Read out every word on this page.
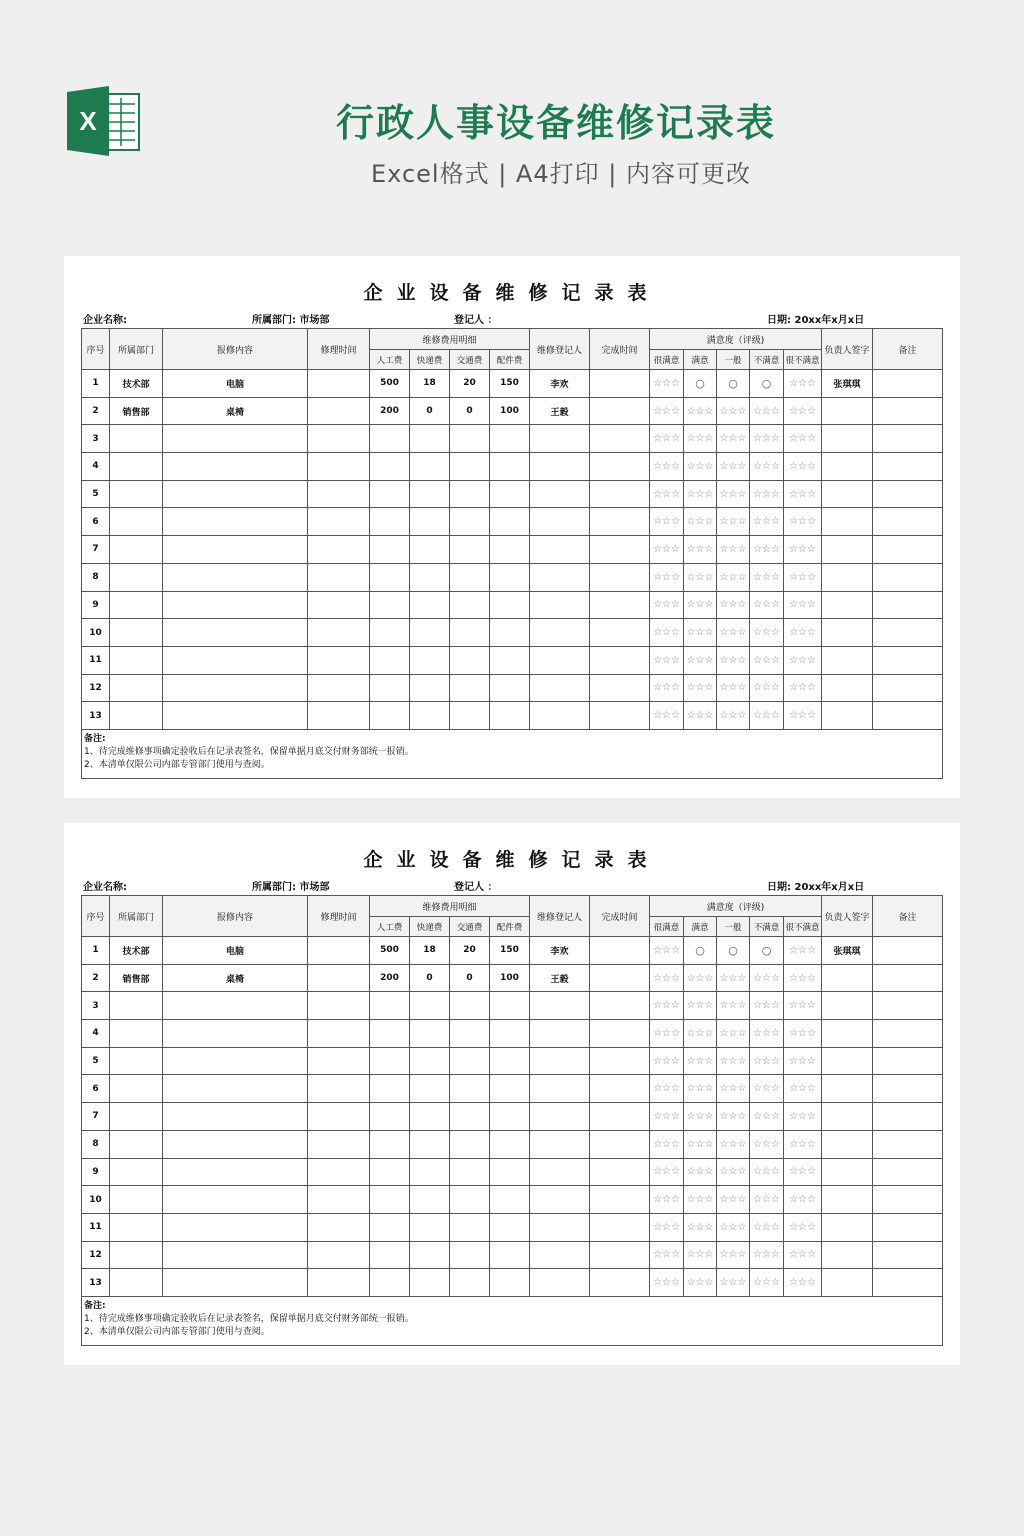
X	行政人事设备维修记录表
Excel格式 | A4打印 | 内容可更改
企业设备维修记录表
企业名称:	所属部门: 市场部	登记人 ：	日期: 20xx年x月x日
序号	所属部门	报修内容	修理时间	维修费用明细				维修登记人	完成时间	满意度（评级)					负责人签字	备注
				人工费	快递费	交通费	配件费			很满意	满意	一般	不满意	很不满意		
1	技术部	电脑		500	18	20	150	李欢		☆☆☆	○	○	○	☆☆☆	张琪琪	
2	销售部	桌椅		200	0	0	100	王毅		☆☆☆	☆☆☆	☆☆☆	☆☆☆	☆☆☆		
3										☆☆☆	☆☆☆	☆☆☆	☆☆☆	☆☆☆		
4										☆☆☆	☆☆☆	☆☆☆	☆☆☆	☆☆☆		
5										☆☆☆	☆☆☆	☆☆☆	☆☆☆	☆☆☆		
6										☆☆☆	☆☆☆	☆☆☆	☆☆☆	☆☆☆		
7										☆☆☆	☆☆☆	☆☆☆	☆☆☆	☆☆☆		
8										☆☆☆	☆☆☆	☆☆☆	☆☆☆	☆☆☆		
9										☆☆☆	☆☆☆	☆☆☆	☆☆☆	☆☆☆		
10										☆☆☆	☆☆☆	☆☆☆	☆☆☆	☆☆☆		
11										☆☆☆	☆☆☆	☆☆☆	☆☆☆	☆☆☆		
12										☆☆☆	☆☆☆	☆☆☆	☆☆☆	☆☆☆		
13										☆☆☆	☆☆☆	☆☆☆	☆☆☆	☆☆☆		

备注:
1、待完成维修事项确定验收后在记录表签名，保留单据月底交付财务部统一报销。
2、本清单仅限公司内部专管部门使用与查阅。																
企业设备维修记录表
企业名称:	所属部门: 市场部	登记人 ：	日期: 20xx年x月x日
序号	所属部门	报修内容	修理时间	维修费用明细				维修登记人	完成时间	满意度（评级)					负责人签字	备注
				人工费	快递费	交通费	配件费			很满意	满意	一般	不满意	很不满意		
1	技术部	电脑		500	18	20	150	李欢		☆☆☆	○	○	○	☆☆☆	张琪琪	
2	销售部	桌椅		200	0	0	100	王毅		☆☆☆	☆☆☆	☆☆☆	☆☆☆	☆☆☆		
3										☆☆☆	☆☆☆	☆☆☆	☆☆☆	☆☆☆		
4										☆☆☆	☆☆☆	☆☆☆	☆☆☆	☆☆☆		
5										☆☆☆	☆☆☆	☆☆☆	☆☆☆	☆☆☆		
6										☆☆☆	☆☆☆	☆☆☆	☆☆☆	☆☆☆		
7										☆☆☆	☆☆☆	☆☆☆	☆☆☆	☆☆☆		
8										☆☆☆	☆☆☆	☆☆☆	☆☆☆	☆☆☆		
9										☆☆☆	☆☆☆	☆☆☆	☆☆☆	☆☆☆		
10										☆☆☆	☆☆☆	☆☆☆	☆☆☆	☆☆☆		
11										☆☆☆	☆☆☆	☆☆☆	☆☆☆	☆☆☆		
12										☆☆☆	☆☆☆	☆☆☆	☆☆☆	☆☆☆		
13										☆☆☆	☆☆☆	☆☆☆	☆☆☆	☆☆☆		

备注:
1、待完成维修事项确定验收后在记录表签名，保留单据月底交付财务部统一报销。
2、本清单仅限公司内部专管部门使用与查阅。																
